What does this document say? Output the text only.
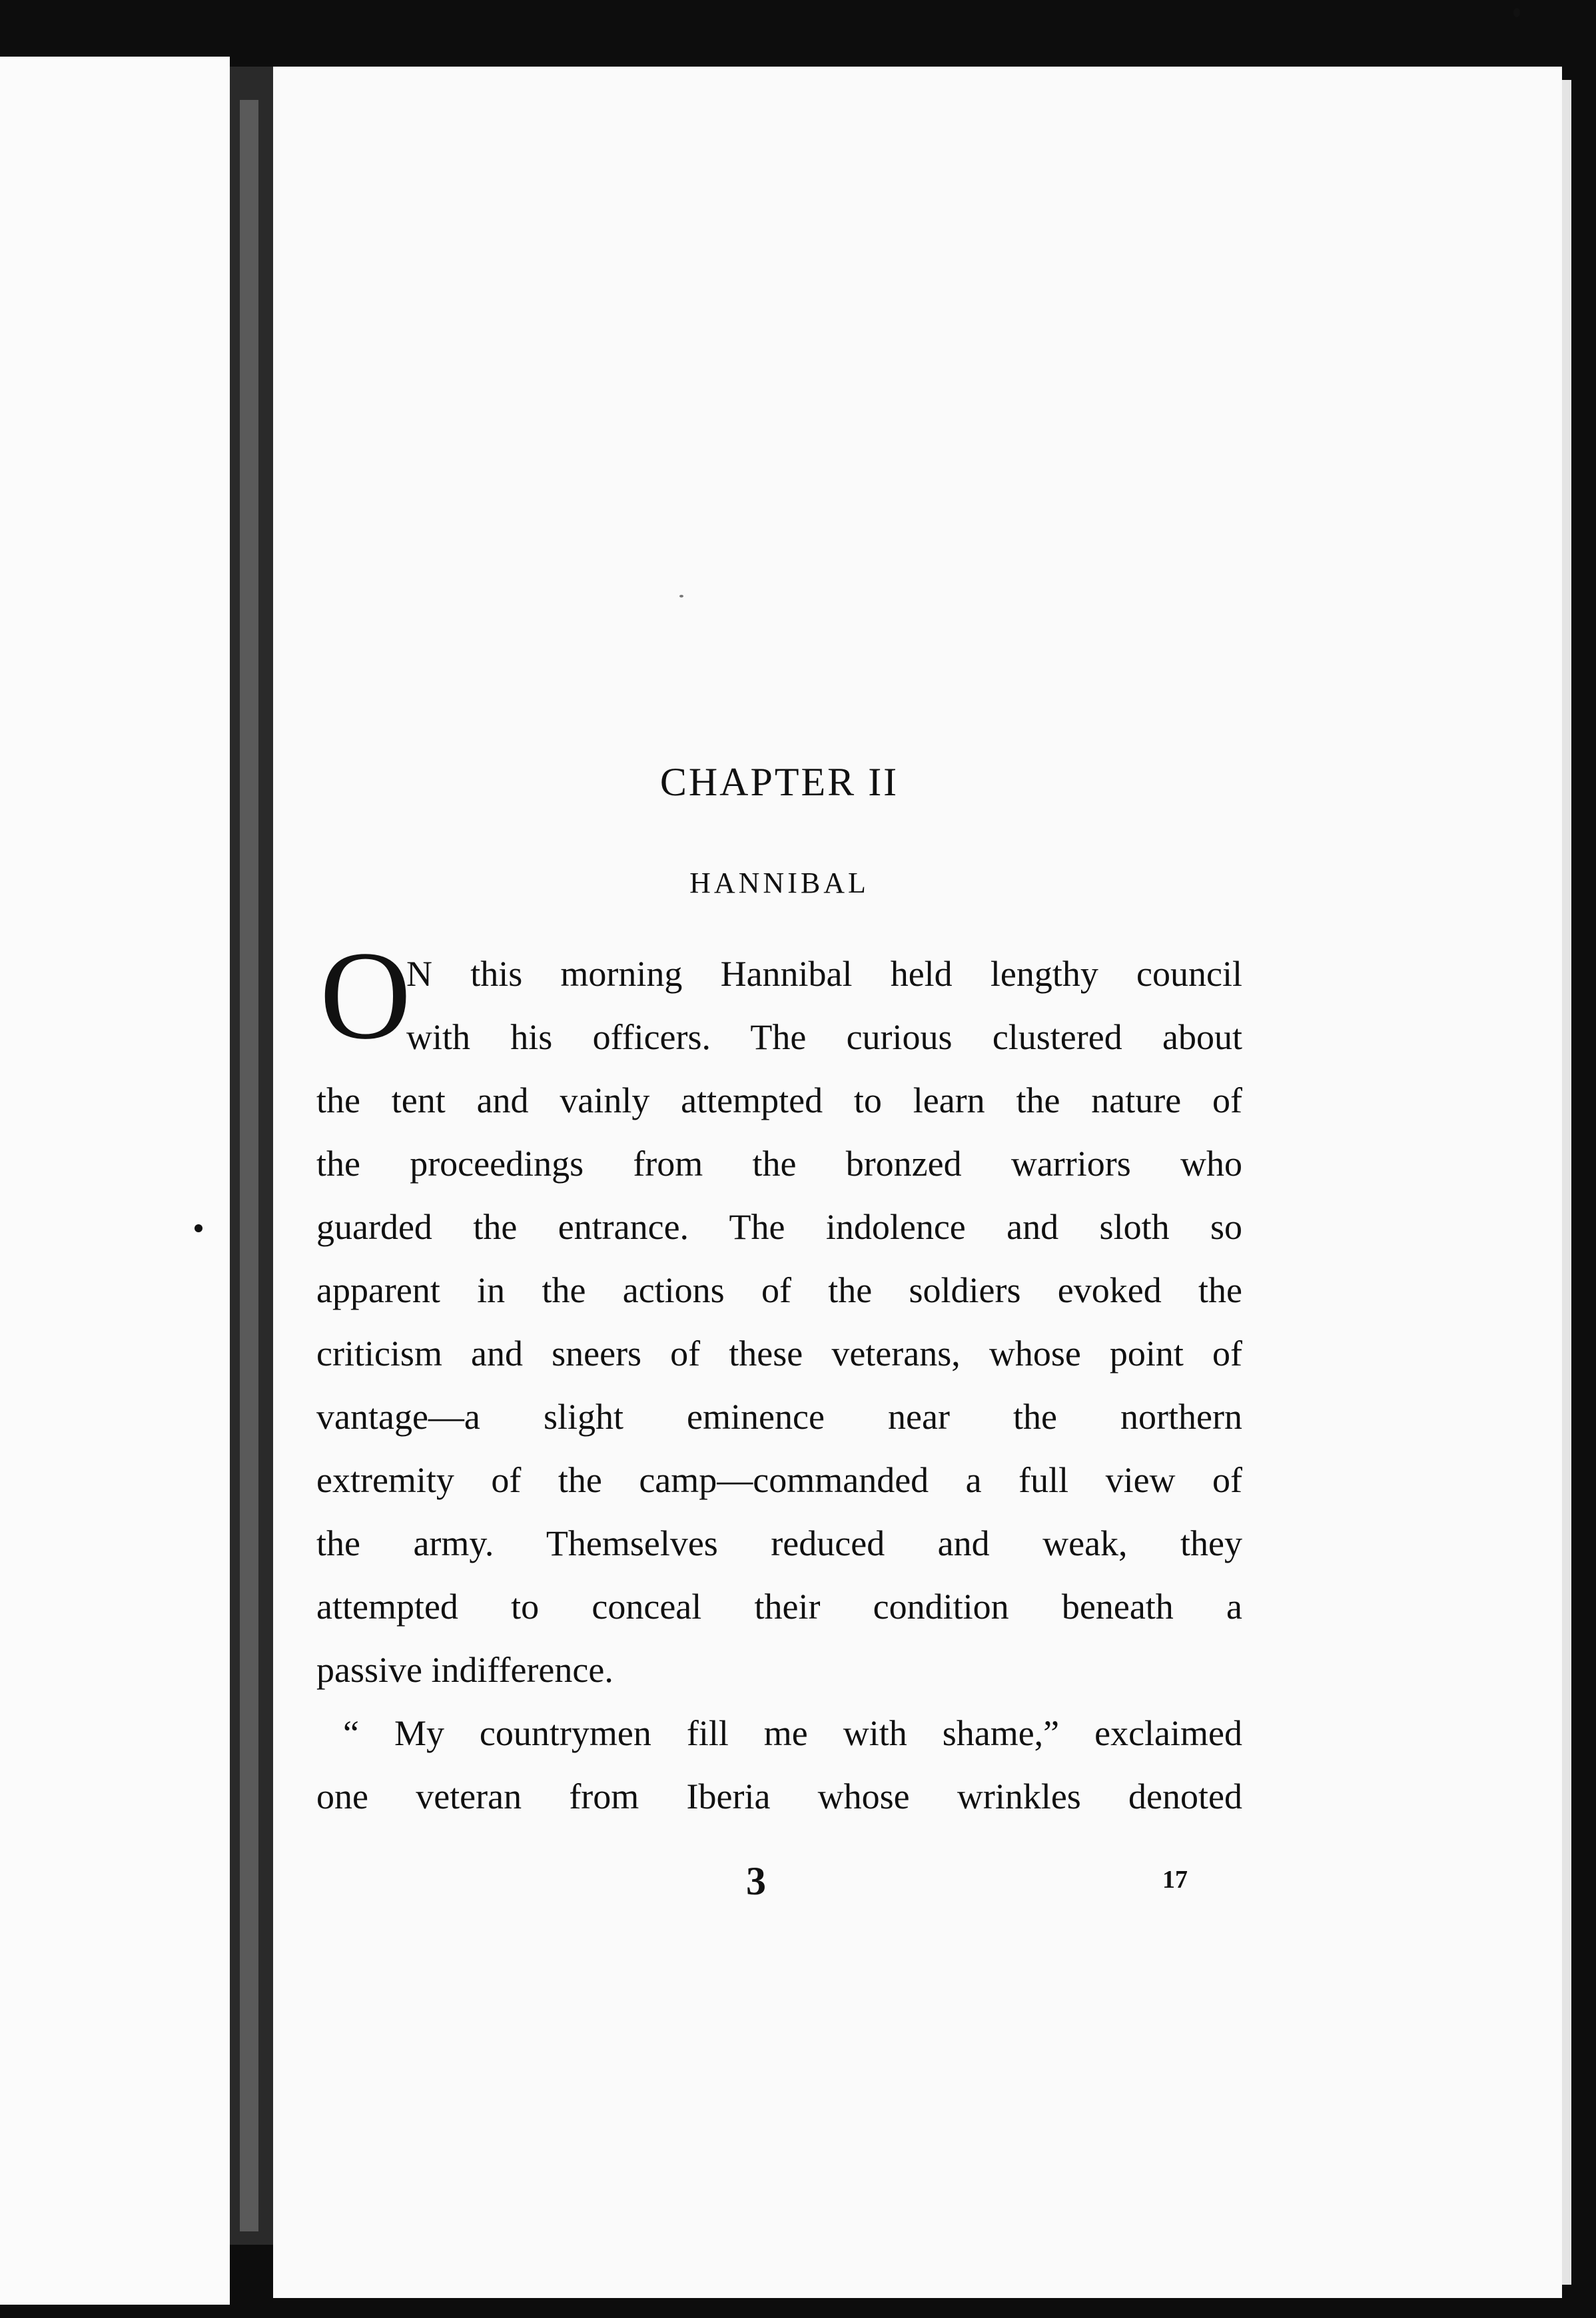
CHAPTER II
HANNIBAL
O
N this morning Hannibal held lengthy council
with his officers. The curious clustered about
the tent and vainly attempted to learn the nature of
the proceedings from the bronzed warriors who
guarded the entrance. The indolence and sloth so
apparent in the actions of the soldiers evoked the
criticism and sneers of these veterans, whose point of
vantage—a slight eminence near the northern
extremity of the camp—commanded a full view of
the army. Themselves reduced and weak, they
attempted to conceal their condition beneath a
passive indifference.
“ My countrymen fill me with shame,” exclaimed
one veteran from Iberia whose wrinkles denoted
3	17
